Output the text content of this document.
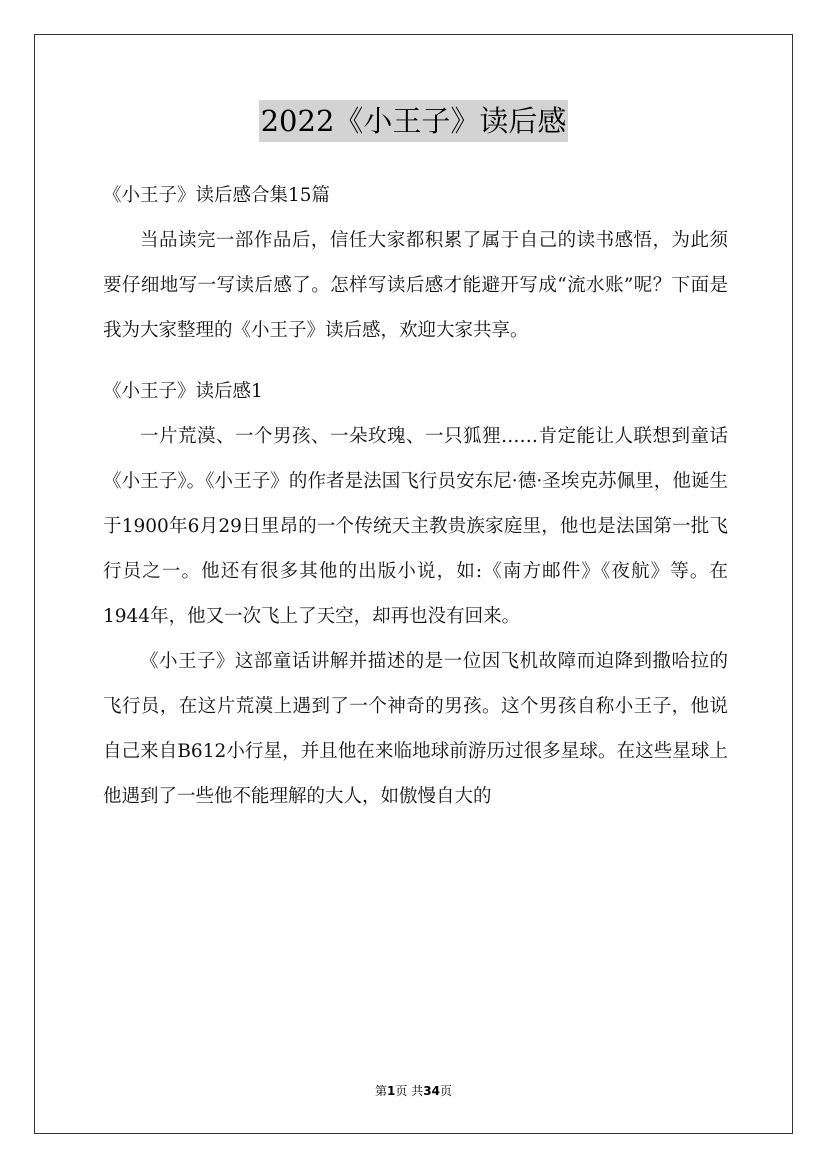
2022《小王子》读后感

《小王子》读后感合集15篇

当品读完一部作品后，信任大家都积累了属于自己的读书感悟，为此须要仔细地写一写读后感了。怎样写读后感才能避开写成“流水账”呢？下面是我为大家整理的《小王子》读后感，欢迎大家共享。

《小王子》读后感1

一片荒漠、一个男孩、一朵玫瑰、一只狐狸……肯定能让人联想到童话《小王子》。《小王子》的作者是法国飞行员安东尼·德·圣埃克苏佩里，他诞生于1900年6月29日里昂的一个传统天主教贵族家庭里，他也是法国第一批飞行员之一。他还有很多其他的出版小说，如:《南方邮件》《夜航》等。在1944年，他又一次飞上了天空，却再也没有回来。

《小王子》这部童话讲解并描述的是一位因飞机故障而迫降到撒哈拉的飞行员，在这片荒漠上遇到了一个神奇的男孩。这个男孩自称小王子，他说自己来自B612小行星，并且他在来临地球前游历过很多星球。在这些星球上他遇到了一些他不能理解的大人，如傲慢自大的

第1页 共34页
